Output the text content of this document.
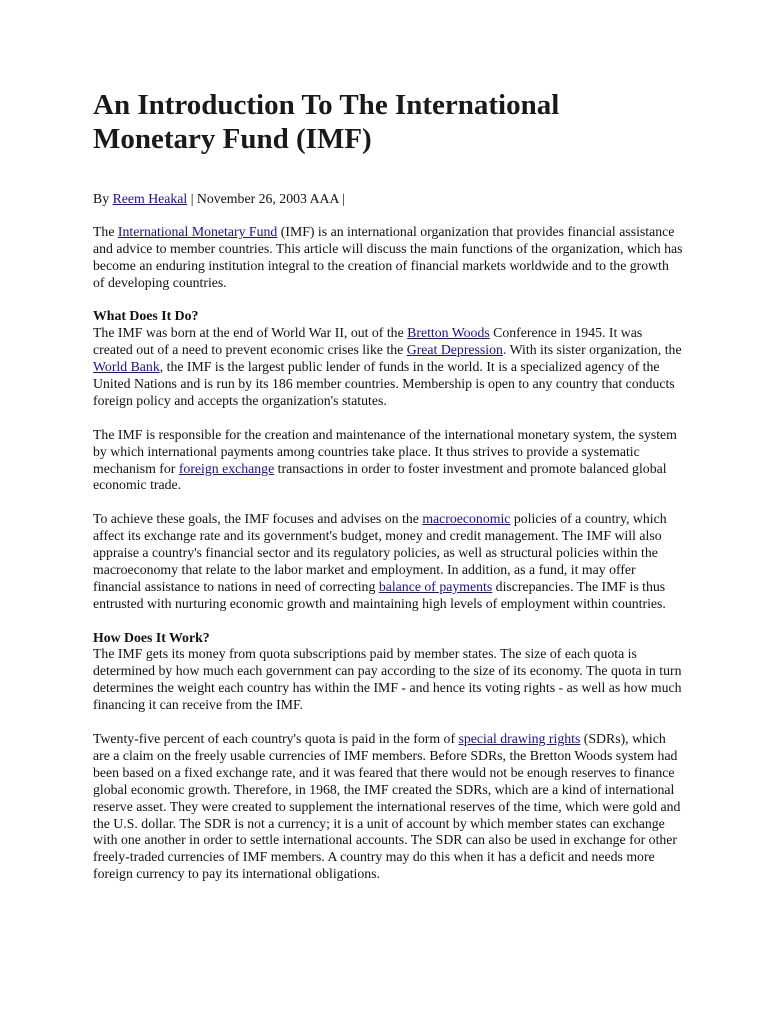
An Introduction To The International
Monetary Fund (IMF)

By Reem Heakal | November 26, 2003 AAA |

The International Monetary Fund (IMF) is an international organization that provides financial assistance and advice to member countries. This article will discuss the main functions of the organization, which has become an enduring institution integral to the creation of financial markets worldwide and to the growth of developing countries.

What Does It Do?
The IMF was born at the end of World War II, out of the Bretton Woods Conference in 1945. It was created out of a need to prevent economic crises like the Great Depression. With its sister organization, the World Bank, the IMF is the largest public lender of funds in the world. It is a specialized agency of the United Nations and is run by its 186 member countries. Membership is open to any country that conducts foreign policy and accepts the organization's statutes.

The IMF is responsible for the creation and maintenance of the international monetary system, the system by which international payments among countries take place. It thus strives to provide a systematic mechanism for foreign exchange transactions in order to foster investment and promote balanced global economic trade.

To achieve these goals, the IMF focuses and advises on the macroeconomic policies of a country, which affect its exchange rate and its government's budget, money and credit management. The IMF will also appraise a country's financial sector and its regulatory policies, as well as structural policies within the macroeconomy that relate to the labor market and employment. In addition, as a fund, it may offer financial assistance to nations in need of correcting balance of payments discrepancies. The IMF is thus entrusted with nurturing economic growth and maintaining high levels of employment within countries.

How Does It Work?
The IMF gets its money from quota subscriptions paid by member states. The size of each quota is determined by how much each government can pay according to the size of its economy. The quota in turn determines the weight each country has within the IMF - and hence its voting rights - as well as how much financing it can receive from the IMF.

Twenty-five percent of each country's quota is paid in the form of special drawing rights (SDRs), which are a claim on the freely usable currencies of IMF members. Before SDRs, the Bretton Woods system had been based on a fixed exchange rate, and it was feared that there would not be enough reserves to finance global economic growth. Therefore, in 1968, the IMF created the SDRs, which are a kind of international reserve asset. They were created to supplement the international reserves of the time, which were gold and the U.S. dollar. The SDR is not a currency; it is a unit of account by which member states can exchange with one another in order to settle international accounts. The SDR can also be used in exchange for other freely-traded currencies of IMF members. A country may do this when it has a deficit and needs more foreign currency to pay its international obligations.
